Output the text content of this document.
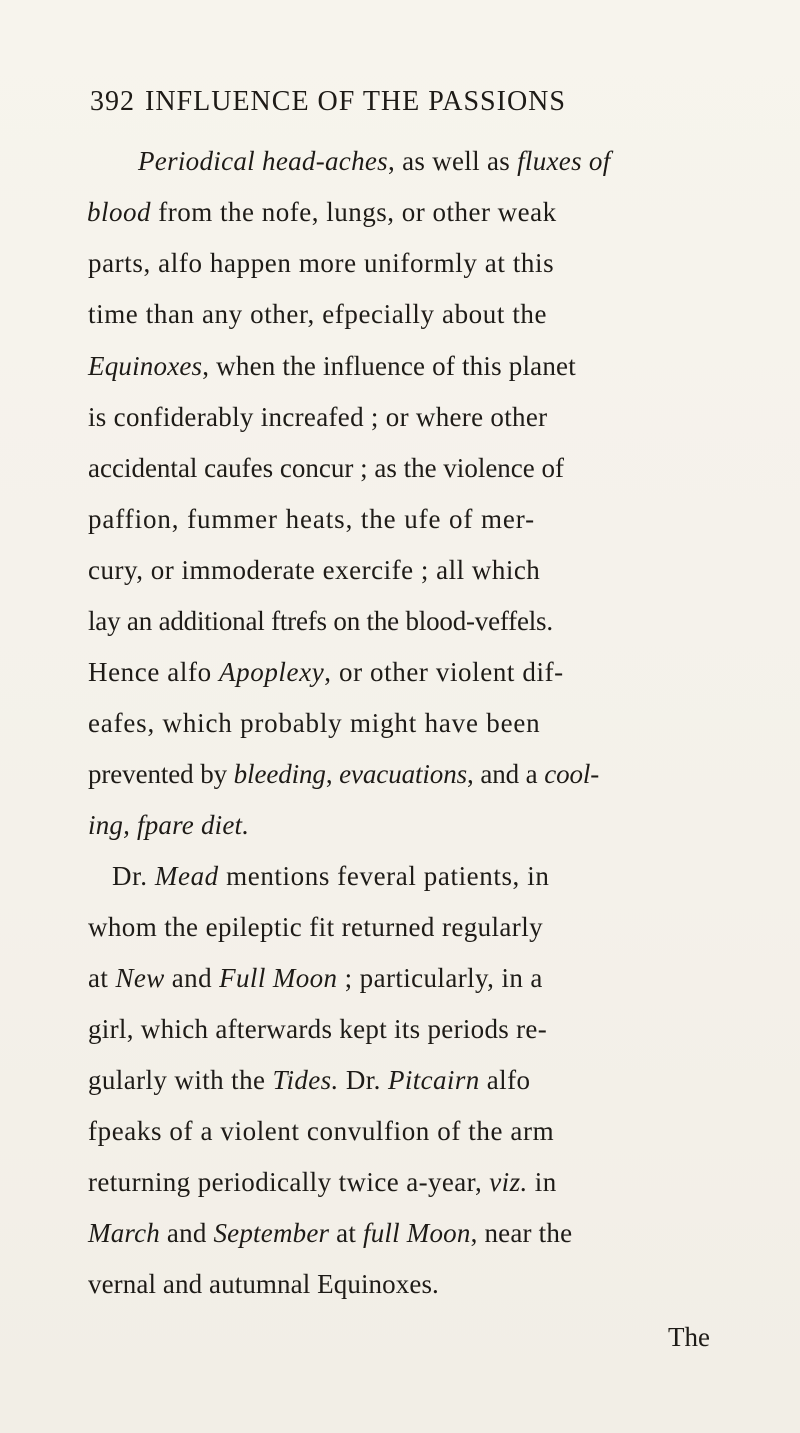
392 INFLUENCE OF THE PASSIONS
Periodical head-aches, as well as fluxes of
blood from the nofe, lungs, or other weak
parts, alfo happen more uniformly at this
time than any other, efpecially about the
Equinoxes, when the influence of this planet
is confiderably increafed ; or where other
accidental caufes concur ; as the violence of
paffion, fummer heats, the ufe of mer-
cury, or immoderate exercife ; all which
lay an additional ftrefs on the blood-veffels.
Hence alfo Apoplexy, or other violent dif-
eafes, which probably might have been
prevented by bleeding, evacuations, and a cool-
ing, fpare diet.
Dr. Mead mentions feveral patients, in
whom the epileptic fit returned regularly
at New and Full Moon ; particularly, in a
girl, which afterwards kept its periods re-
gularly with the Tides. Dr. Pitcairn alfo
fpeaks of a violent convulfion of the arm
returning periodically twice a-year, viz. in
March and September at full Moon, near the
vernal and autumnal Equinoxes.
The
